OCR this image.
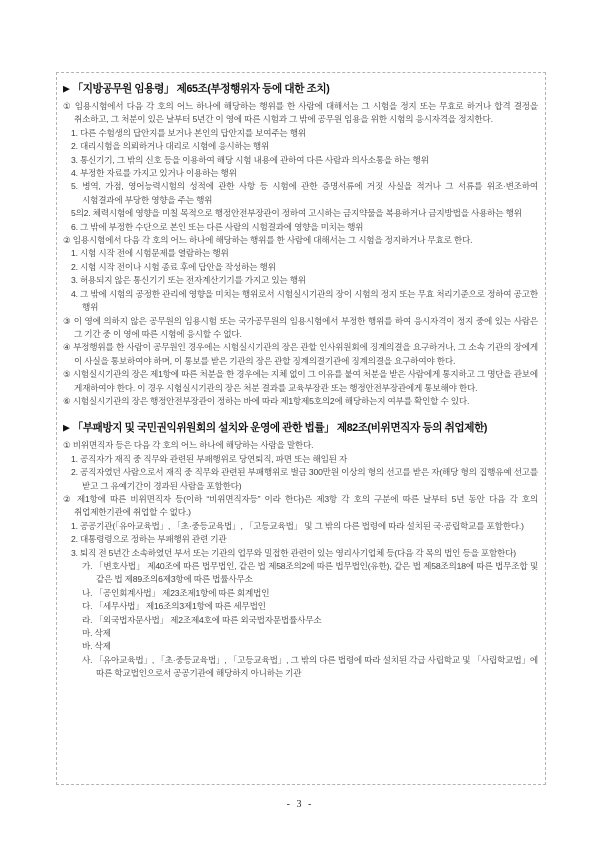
▶ 「지방공무원 임용령」 제65조(부정행위자 등에 대한 조치)
① 임용시험에서 다음 각 호의 어느 하나에 해당하는 행위를 한 사람에 대해서는 그 시험을 정지 또는 무효로 하거나 합격 결정을 취소하고, 그 처분이 있은 날부터 5년간 이 영에 따른 시험과 그 밖에 공무원 임용을 위한 시험의 응시자격을 정지한다.
1. 다른 수험생의 답안지를 보거나 본인의 답안지를 보여주는 행위
2. 대리시험을 의뢰하거나 대리로 시험에 응시하는 행위
3. 통신기기, 그 밖의 신호 등을 이용하여 해당 시험 내용에 관하여 다른 사람과 의사소통을 하는 행위
4. 부정한 자료를 가지고 있거나 이용하는 행위
5. 병역, 가점, 영어능력시험의 성적에 관한 사항 등 시험에 관한 증명서류에 거짓 사실을 적거나 그 서류를 위조·변조하여 시험결과에 부당한 영향을 주는 행위
5의2. 체력시험에 영향을 미칠 목적으로 행정안전부장관이 정하여 고시하는 금지약물을 복용하거나 금지방법을 사용하는 행위
6. 그 밖에 부정한 수단으로 본인 또는 다른 사람의 시험결과에 영향을 미치는 행위
② 임용시험에서 다음 각 호의 어느 하나에 해당하는 행위를 한 사람에 대해서는 그 시험을 정지하거나 무효로 한다.
1. 시험 시작 전에 시험문제를 열람하는 행위
2. 시험 시작 전이나 시험 종료 후에 답안을 작성하는 행위
3. 허용되지 않은 통신기기 또는 전자계산기기를 가지고 있는 행위
4. 그 밖에 시험의 공정한 관리에 영향을 미치는 행위로서 시험실시기관의 장이 시험의 정지 또는 무효 처리기준으로 정하여 공고한 행위
③ 이 영에 의하지 않은 공무원의 임용시험 또는 국가공무원의 임용시험에서 부정한 행위를 하여 응시자격이 정지 중에 있는 사람은 그 기간 중 이 영에 따른 시험에 응시할 수 없다.
④ 부정행위를 한 사람이 공무원인 경우에는 시험실시기관의 장은 관할 인사위원회에 징계의결을 요구하거나, 그 소속 기관의 장에게 이 사실을 통보하여야 하며, 이 통보를 받은 기관의 장은 관할 징계의결기관에 징계의결을 요구하여야 한다.
⑤ 시험실시기관의 장은 제1항에 따른 처분을 한 경우에는 지체 없이 그 이유를 붙여 처분을 받은 사람에게 통지하고 그 명단을 관보에 게재하여야 한다. 이 경우 시험실시기관의 장은 처분 결과를 교육부장관 또는 행정안전부장관에게 통보해야 한다.
⑥ 시험실시기관의 장은 행정안전부장관이 정하는 바에 따라 제1항제5호의2에 해당하는지 여부를 확인할 수 있다.
▶ 「부패방지 및 국민권익위원회의 설치와 운영에 관한 법률」 제82조(비위면직자 등의 취업제한)
① 비위면직자 등은 다음 각 호의 어느 하나에 해당하는 사람을 말한다.
1. 공직자가 재직 중 직무와 관련된 부패행위로 당연퇴직, 파면 또는 해임된 자
2. 공직자였던 사람으로서 재직 중 직무와 관련된 부패행위로 벌금 300만원 이상의 형의 선고를 받은 자(해당 형의 집행유예 선고를 받고 그 유예기간이 경과된 사람을 포함한다)
② 제1항에 따른 비위면직자 등(이하 “비위면직자등” 이라 한다)은 제3항 각 호의 구분에 따른 날부터 5년 동안 다음 각 호의 취업제한기관에 취업할 수 없다.)
1. 공공기관(「유아교육법」, 「초·중등교육법」, 「고등교육법」 및 그 밖의 다른 법령에 따라 설치된 국·공립학교를 포함한다.)
2. 대통령령으로 정하는 부패행위 관련 기관
3. 퇴직 전 5년간 소속하였던 부서 또는 기관의 업무와 밀접한 관련이 있는 영리사기업체 등(다음 각 목의 법인 등을 포함한다)
가. 「변호사법」 제40조에 따른 법무법인, 같은 법 제58조의2에 따른 법무법인(유한), 같은 법 제58조의18에 따른 법무조합 및 같은 법 제89조의6제3항에 따른 법률사무소
나. 「공인회계사법」 제23조제1항에 따른 회계법인
다. 「세무사법」 제16조의3제1항에 따른 세무법인
라. 「외국법자문사법」 제2조제4호에 따른 외국법자문법률사무소
마. 삭제
바. 삭제
사. 「유아교육법」, 「초·중등교육법」, 「고등교육법」, 그 밖의 다른 법령에 따라 설치된 각급 사립학교 및 「사립학교법」에 따른 학교법인으로서 공공기관에 해당하지 아니하는 기관
- 3 -
